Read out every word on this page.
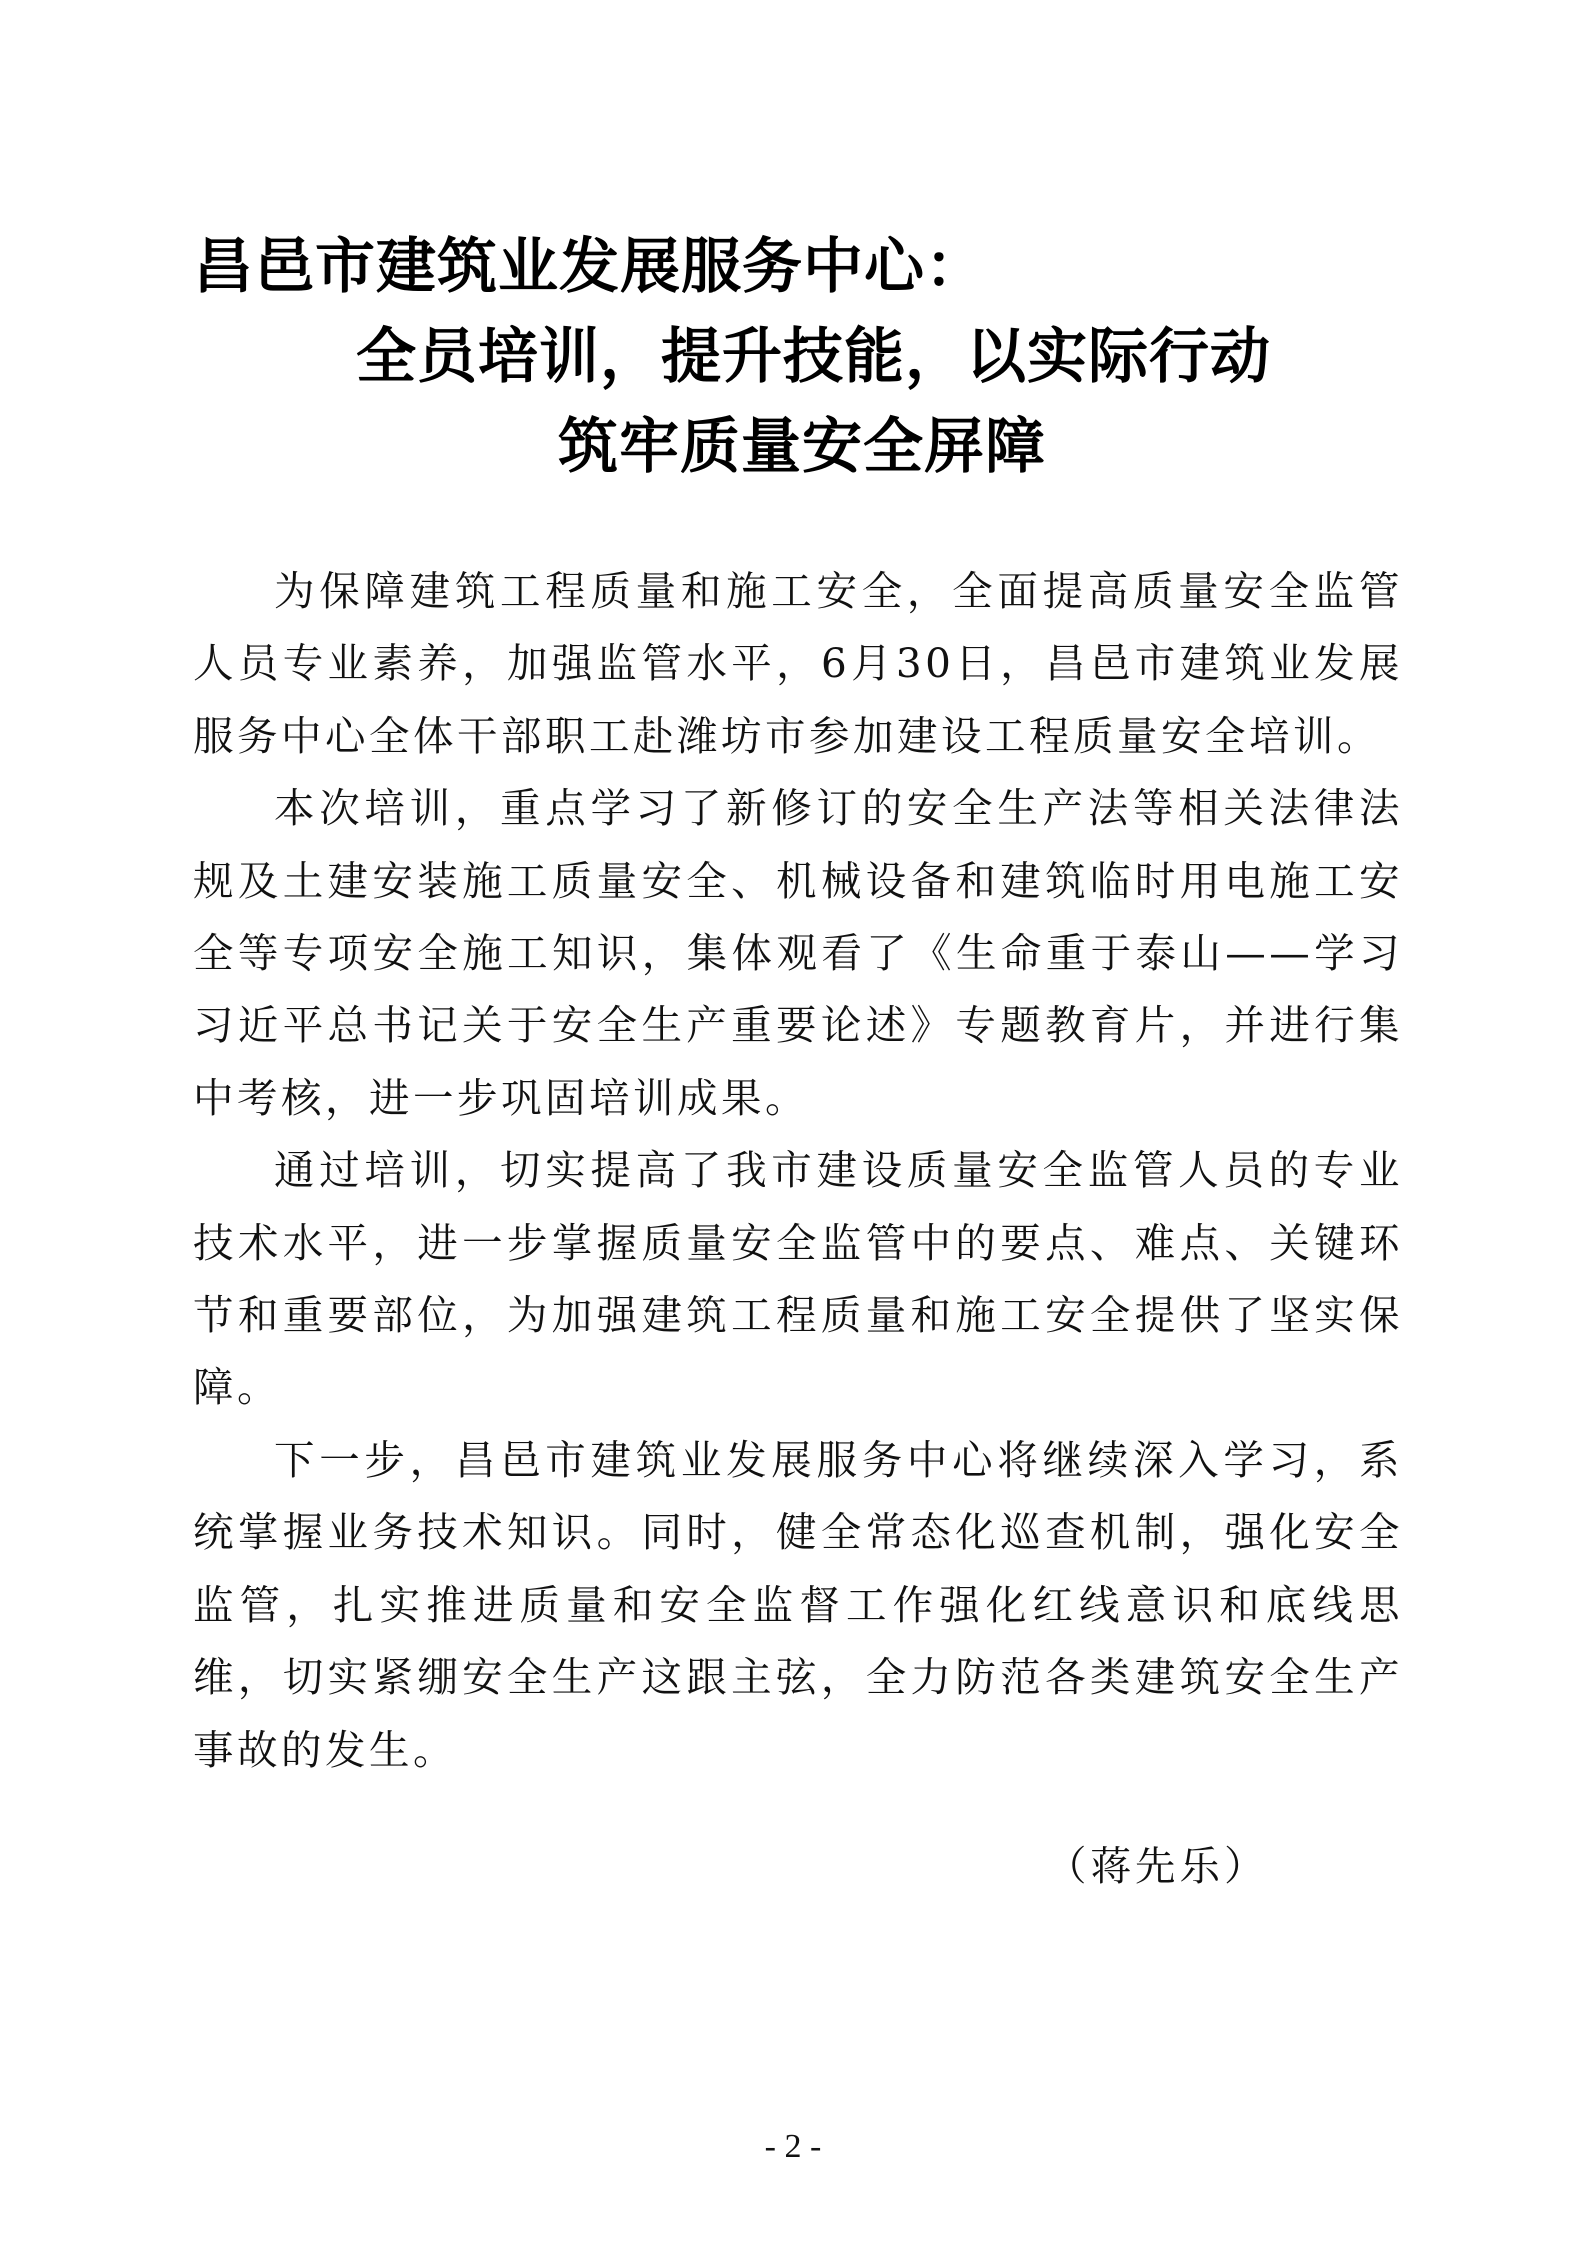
昌邑市建筑业发展服务中心：
全员培训，提升技能，以实际行动
筑牢质量安全屏障

为保障建筑工程质量和施工安全，全面提高质量安全监管人员专业素养，加强监管水平，6月30日，昌邑市建筑业发展服务中心全体干部职工赴潍坊市参加建设工程质量安全培训。

本次培训，重点学习了新修订的安全生产法等相关法律法规及土建安装施工质量安全、机械设备和建筑临时用电施工安全等专项安全施工知识，集体观看了《生命重于泰山——学习习近平总书记关于安全生产重要论述》专题教育片，并进行集中考核，进一步巩固培训成果。

通过培训，切实提高了我市建设质量安全监管人员的专业技术水平，进一步掌握质量安全监管中的要点、难点、关键环节和重要部位，为加强建筑工程质量和施工安全提供了坚实保障。

下一步，昌邑市建筑业发展服务中心将继续深入学习，系统掌握业务技术知识。同时，健全常态化巡查机制，强化安全监管，扎实推进质量和安全监督工作强化红线意识和底线思维，切实紧绷安全生产这跟主弦，全力防范各类建筑安全生产事故的发生。

（蒋先乐）
- 2 -
